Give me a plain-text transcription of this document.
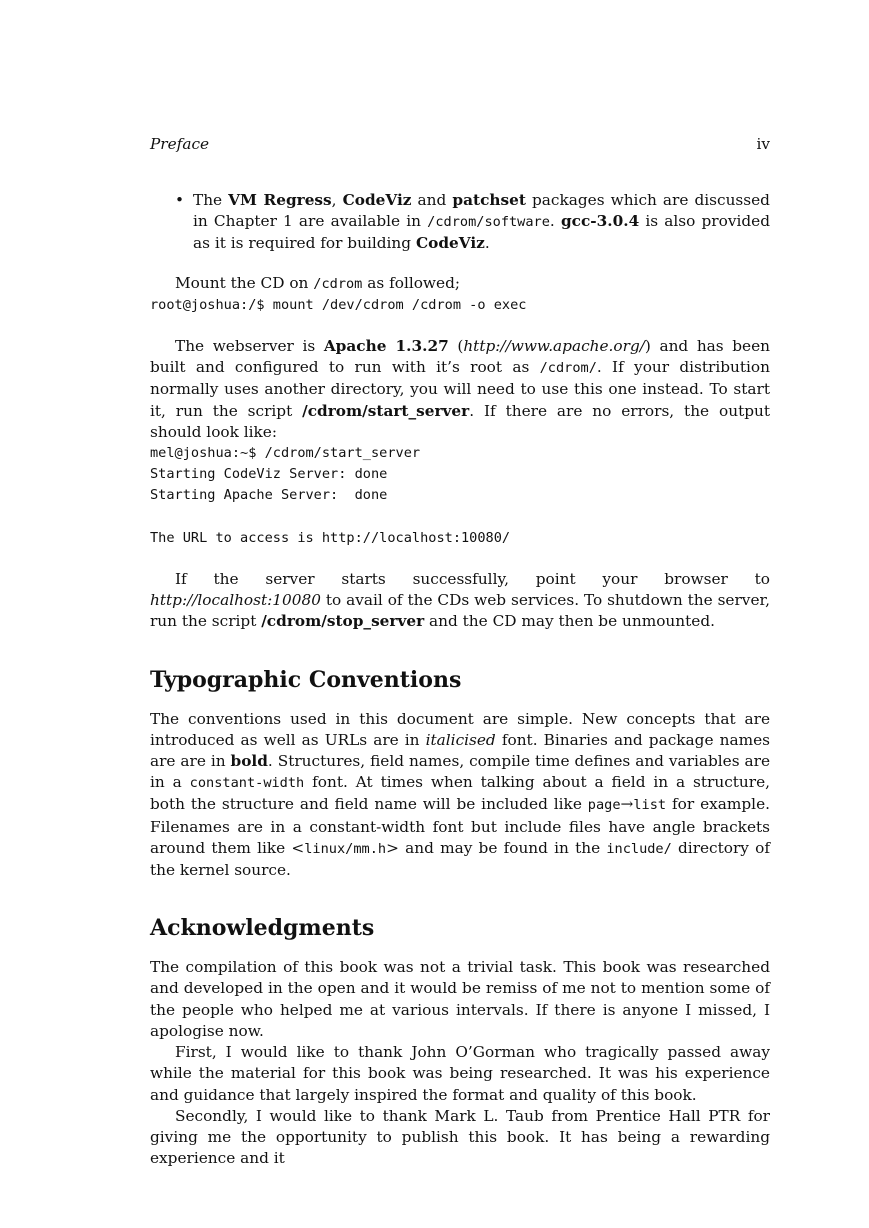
Preface	iv
• The VM Regress, CodeViz and patchset packages which are discussed in Chapter 1 are available in /cdrom/software. gcc-3.0.4 is also provided as it is required for building CodeViz.

Mount the CD on /cdrom as followed;

root@joshua:/$ mount /dev/cdrom /cdrom -o exec

The webserver is Apache 1.3.27 (http://www.apache.org/) and has been built and configured to run with it’s root as /cdrom/. If your distribution normally uses another directory, you will need to use this one instead. To start it, run the script /cdrom/start_server. If there are no errors, the output should look like:

mel@joshua:~$ /cdrom/start_server
Starting CodeViz Server: done
Starting Apache Server:  done

The URL to access is http://localhost:10080/

If the server starts successfully, point your browser to http://localhost:10080 to avail of the CDs web services. To shutdown the server, run the script /cdrom/stop_server and the CD may then be unmounted.

Typographic Conventions

The conventions used in this document are simple. New concepts that are introduced as well as URLs are in italicised font. Binaries and package names are are in bold. Structures, field names, compile time defines and variables are in a constant-width font. At times when talking about a field in a structure, both the structure and field name will be included like page→list for example. Filenames are in a constant-width font but include files have angle brackets around them like <linux/mm.h> and may be found in the include/ directory of the kernel source.

Acknowledgments

The compilation of this book was not a trivial task. This book was researched and developed in the open and it would be remiss of me not to mention some of the people who helped me at various intervals. If there is anyone I missed, I apologise now.

First, I would like to thank John O’Gorman who tragically passed away while the material for this book was being researched. It was his experience and guidance that largely inspired the format and quality of this book.

Secondly, I would like to thank Mark L. Taub from Prentice Hall PTR for giving me the opportunity to publish this book. It has being a rewarding experience and it
